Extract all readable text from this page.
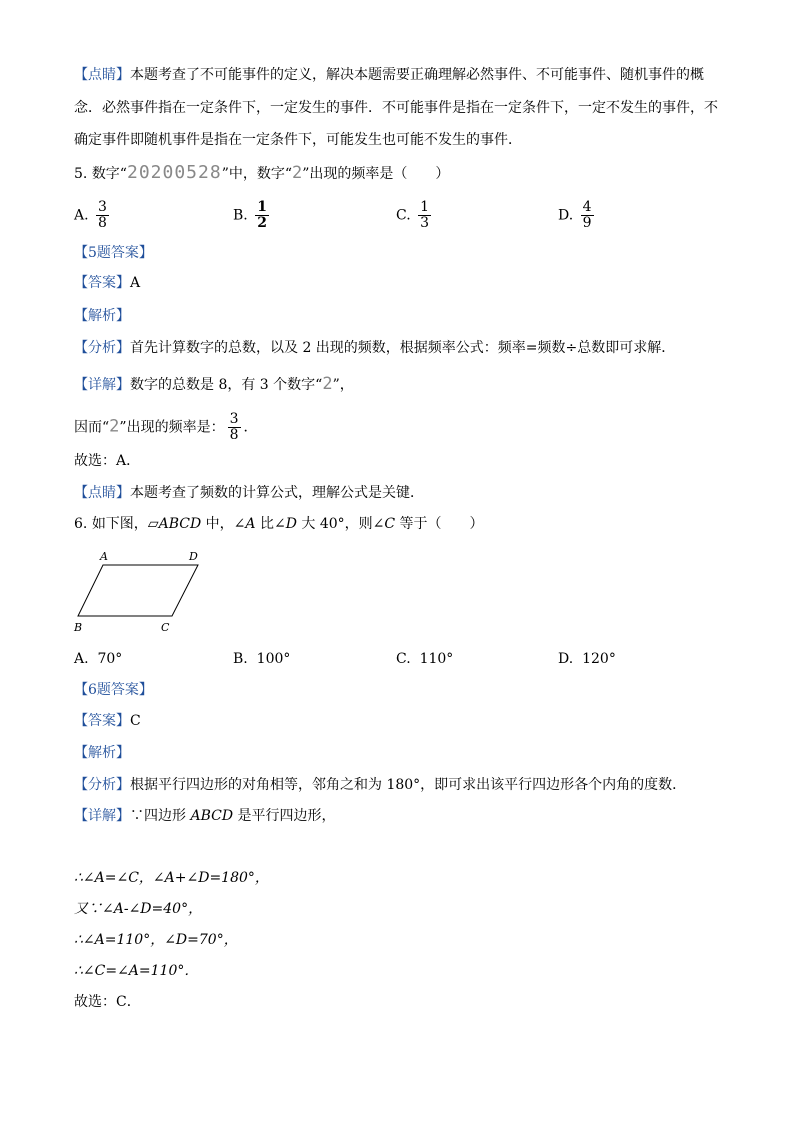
【点睛】本题考查了不可能事件的定义，解决本题需要正确理解必然事件、不可能事件、随机事件的概
念．必然事件指在一定条件下，一定发生的事件．不可能事件是指在一定条件下，一定不发生的事件，不
确定事件即随机事件是指在一定条件下，可能发生也可能不发生的事件．
5. 数字“20200528”中，数字“2”出现的频率是（　　）
A. $\frac{3}{8}$	B. $\frac{1}{2}$	C. $\frac{1}{3}$	D. $\frac{4}{9}$
【5题答案】
【答案】A
【解析】
【分析】首先计算数字的总数，以及 2 出现的频数，根据频率公式：频率=频数÷总数即可求解．
【详解】数字的总数是 8，有 3 个数字“2”，
因而“2”出现的频率是： $\frac{3}{8}$ ．
故选：A．
【点睛】本题考查了频数的计算公式，理解公式是关键．
6. 如下图，▱ABCD 中，∠A 比∠D 大 40°，则∠C 等于（　　）
A	D
B	C
A. 70°	B. 100°	C. 110°	D. 120°
【6题答案】
【答案】C
【解析】
【分析】根据平行四边形的对角相等，邻角之和为 180°，即可求出该平行四边形各个内角的度数．
【详解】∵四边形 ABCD 是平行四边形，
∴∠A=∠C，∠A+∠D=180°，
又∵∠A-∠D=40°，
∴∠A=110°，∠D=70°，
∴∠C=∠A=110°．
故选：C．
